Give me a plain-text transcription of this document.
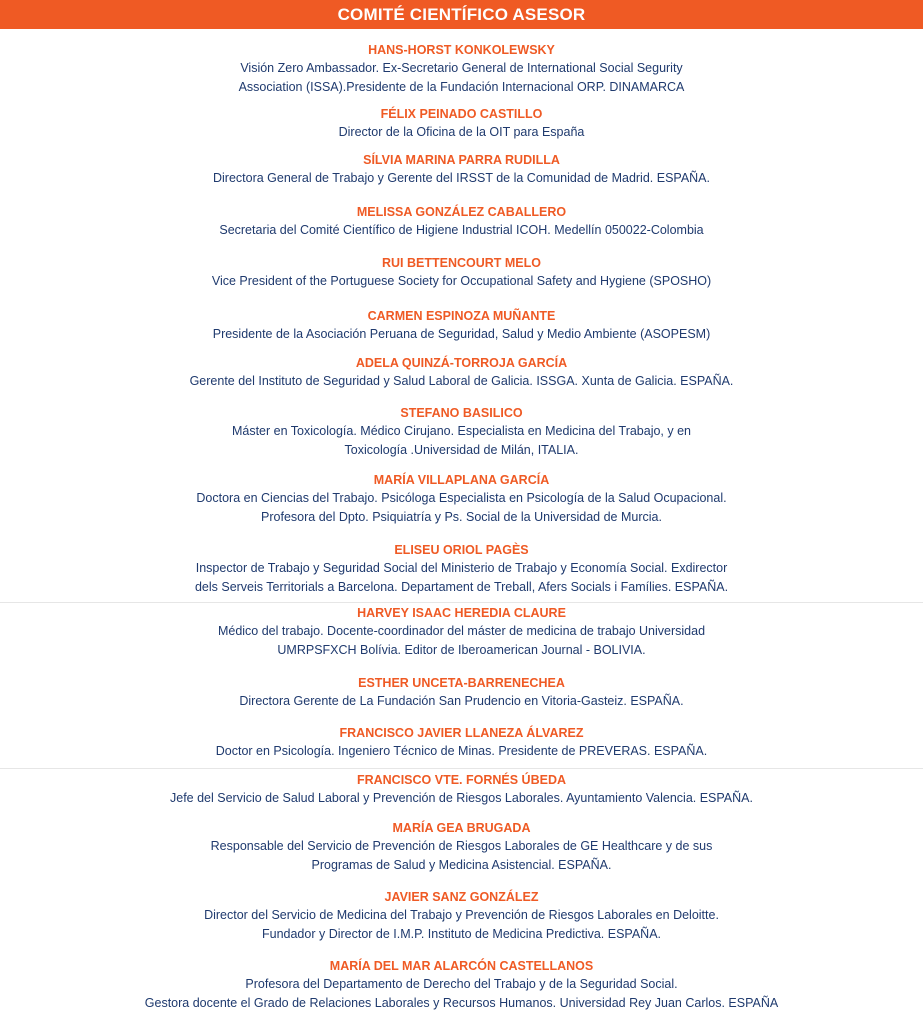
COMITÉ CIENTÍFICO ASESOR
HANS-HORST KONKOLEWSKY
Visión Zero Ambassador. Ex-Secretario General de International Social Segurity
Association (ISSA).Presidente de la Fundación Internacional ORP. DINAMARCA
FÉLIX PEINADO CASTILLO
Director de la Oficina de la OIT para España
SÍLVIA MARINA PARRA RUDILLA
Directora General de Trabajo y Gerente del IRSST de la Comunidad de Madrid. ESPAÑA.
MELISSA GONZÁLEZ CABALLERO
Secretaria del Comité Científico de Higiene Industrial ICOH. Medellín 050022-Colombia
RUI BETTENCOURT MELO
Vice President of the Portuguese Society for Occupational Safety and Hygiene (SPOSHO)
CARMEN ESPINOZA MUÑANTE
Presidente de la Asociación Peruana de Seguridad, Salud y Medio Ambiente (ASOPESM)
ADELA QUINZÁ-TORROJA GARCÍA
Gerente del Instituto de Seguridad y Salud Laboral de Galicia. ISSGA. Xunta de Galicia. ESPAÑA.
STEFANO BASILICO
Máster en Toxicología. Médico Cirujano. Especialista en Medicina del Trabajo, y en
Toxicología .Universidad de Milán, ITALIA.
MARÍA VILLAPLANA GARCÍA
Doctora en Ciencias del Trabajo. Psicóloga Especialista en Psicología de la Salud Ocupacional.
Profesora del Dpto. Psiquiatría y Ps. Social de la Universidad de Murcia.
ELISEU ORIOL PAGÈS
Inspector de Trabajo y Seguridad Social del Ministerio de Trabajo y Economía Social. Exdirector
dels Serveis Territorials a Barcelona. Departament de Treball, Afers Socials i Famílies. ESPAÑA.
HARVEY ISAAC HEREDIA CLAURE
Médico del trabajo. Docente-coordinador del máster de medicina de trabajo Universidad
UMRPSFXCH Bolívia. Editor de Iberoamerican Journal - BOLIVIA.
ESTHER UNCETA-BARRENECHEA
Directora Gerente de La Fundación San Prudencio en Vitoria-Gasteiz. ESPAÑA.
FRANCISCO JAVIER LLANEZA ÁLVAREZ
Doctor en Psicología. Ingeniero Técnico de Minas. Presidente de PREVERAS. ESPAÑA.
FRANCISCO VTE. FORNÉS ÚBEDA
Jefe del Servicio de Salud Laboral y Prevención de Riesgos Laborales. Ayuntamiento Valencia. ESPAÑA.
MARÍA GEA BRUGADA
Responsable del Servicio de Prevención de Riesgos Laborales de GE Healthcare y de sus
Programas de Salud y Medicina Asistencial. ESPAÑA.
JAVIER SANZ GONZÁLEZ
Director del Servicio de Medicina del Trabajo y Prevención de Riesgos Laborales en Deloitte.
Fundador y Director de I.M.P. Instituto de Medicina Predictiva. ESPAÑA.
MARÍA DEL MAR ALARCÓN CASTELLANOS
Profesora del Departamento de Derecho del Trabajo y de la Seguridad Social.
Gestora docente el Grado de Relaciones Laborales y Recursos Humanos. Universidad Rey Juan Carlos. ESPAÑA
